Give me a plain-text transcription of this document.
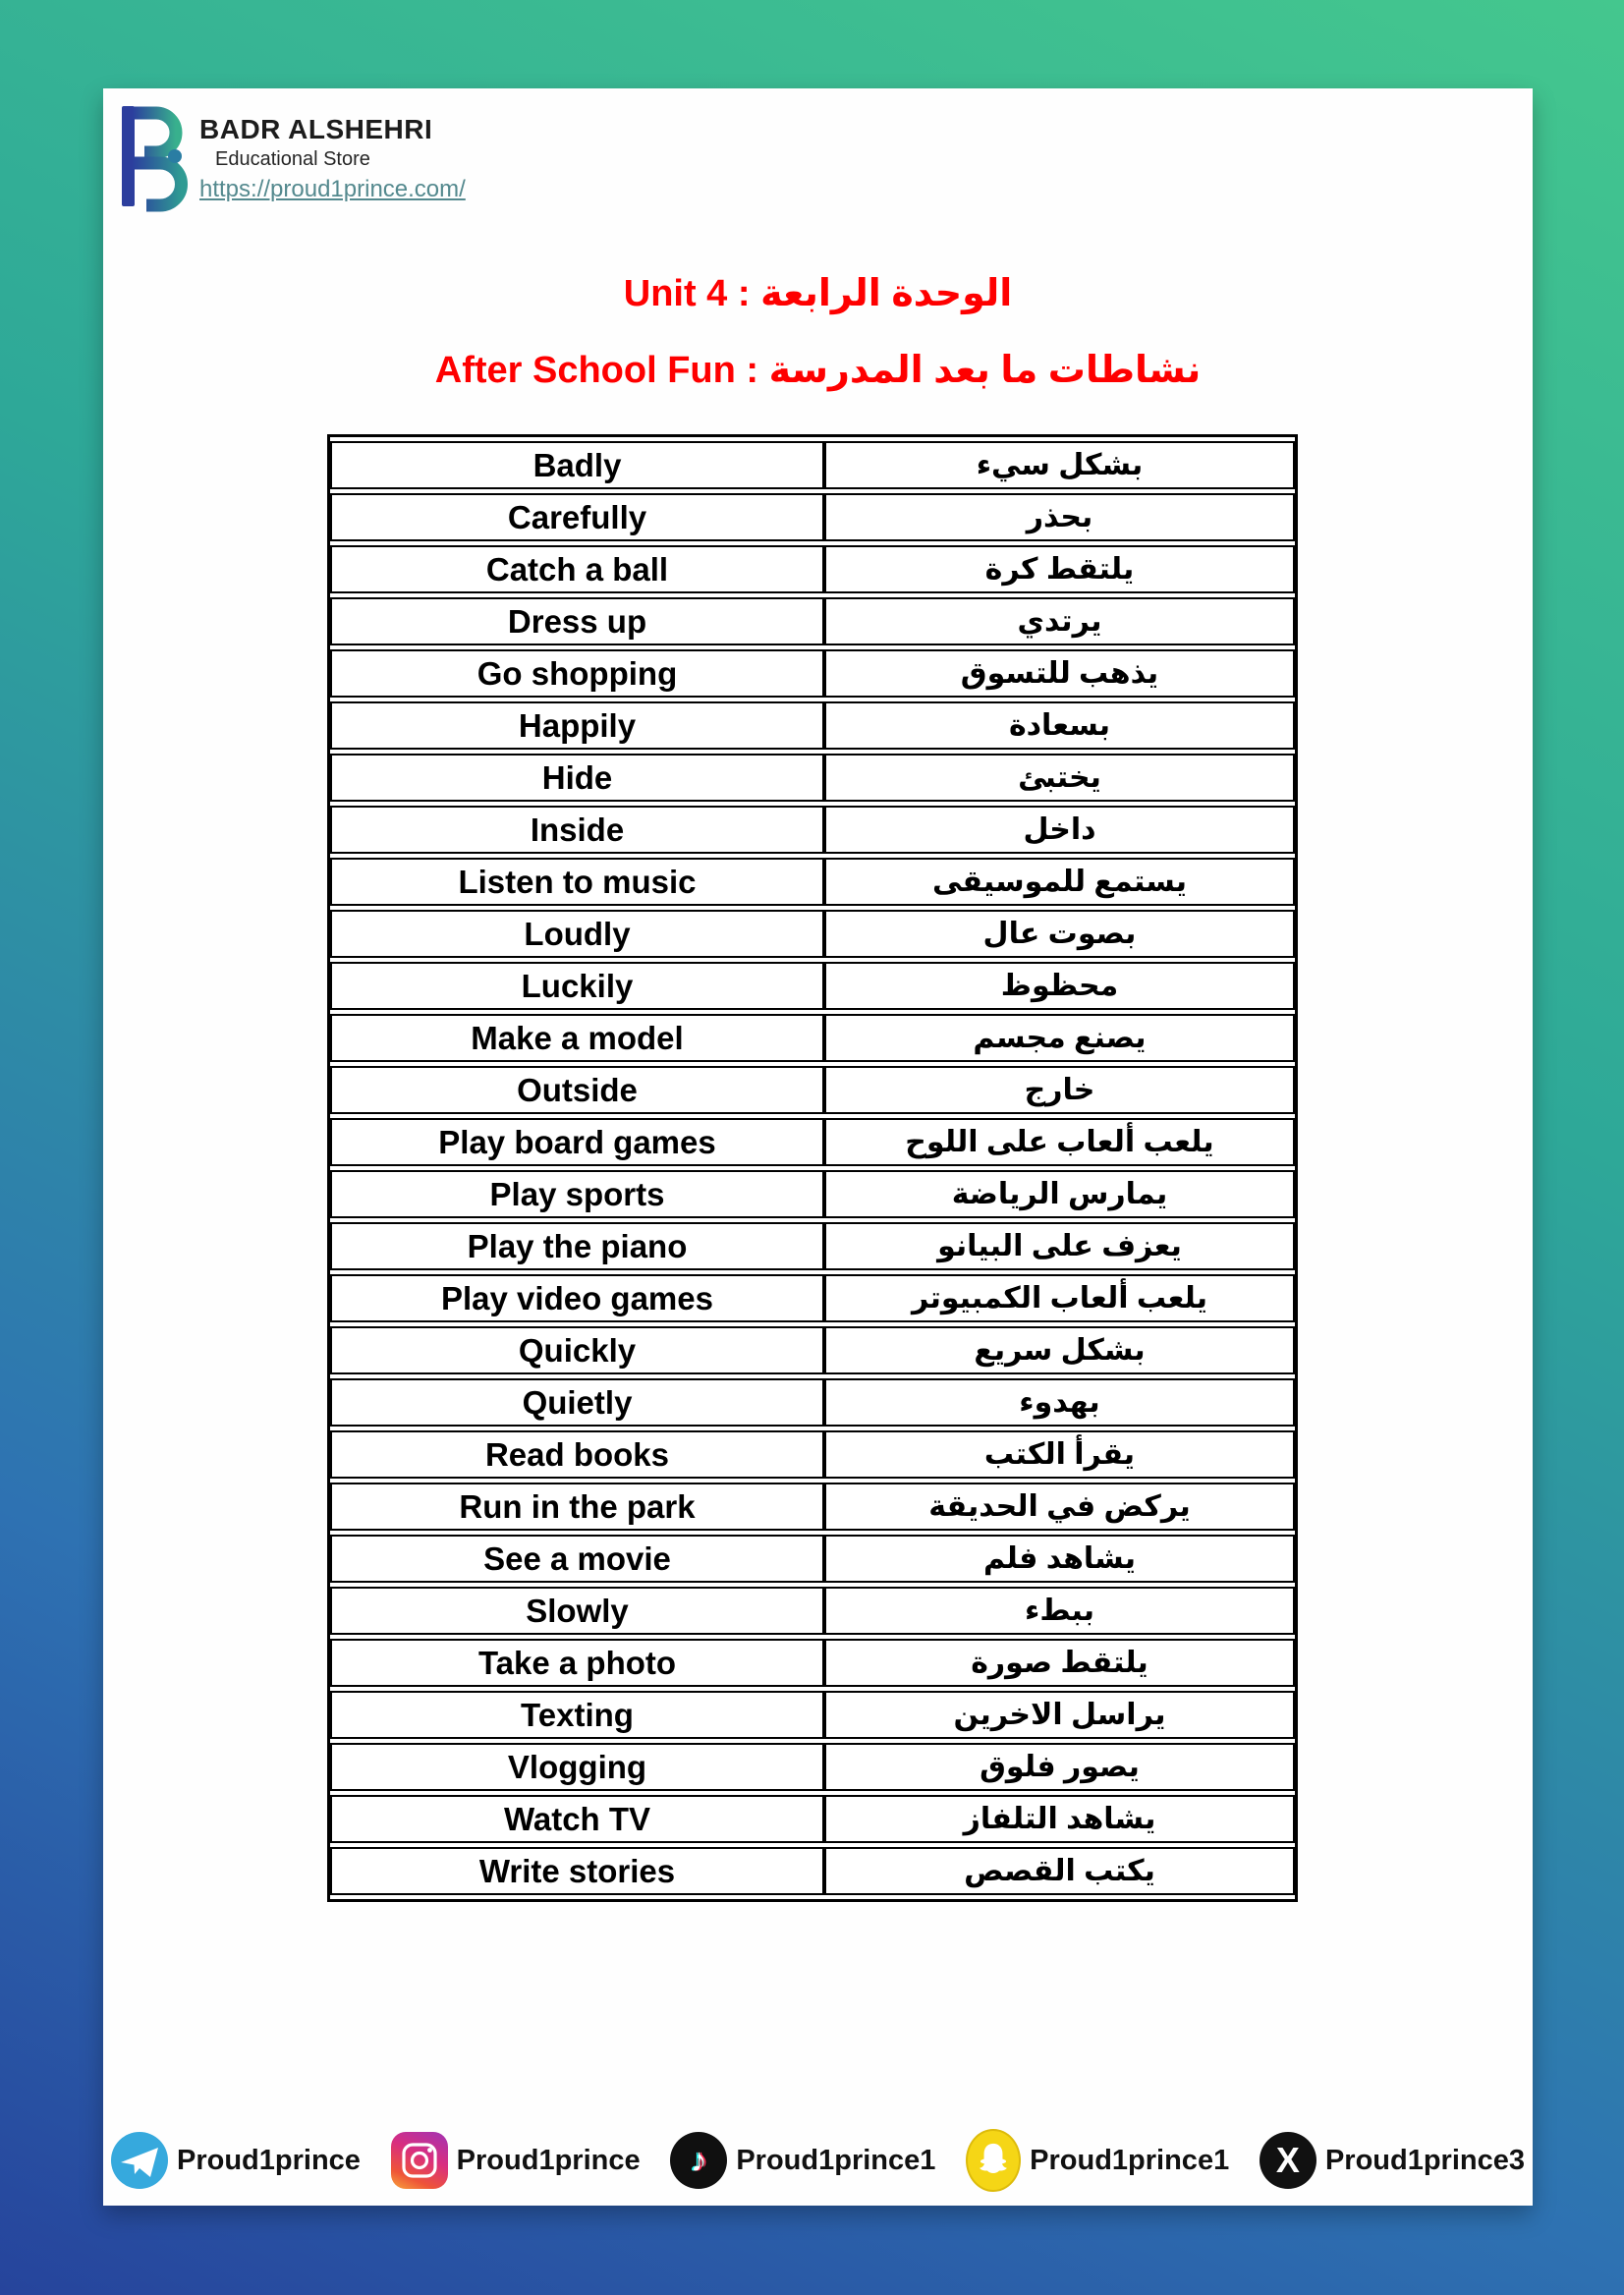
BADR ALSHEHRI
Educational Store
https://proud1prince.com/
الوحدة الرابعة : Unit 4
نشاطات ما بعد المدرسة : After School Fun
Badly	بشكل سيء
Carefully	بحذر
Catch a ball	يلتقط كرة
Dress up	يرتدي
Go shopping	يذهب للتسوق
Happily	بسعادة
Hide	يختبئ
Inside	داخل
Listen to music	يستمع للموسيقى
Loudly	بصوت عال
Luckily	محظوظ
Make a model	يصنع مجسم
Outside	خارج
Play board games	يلعب ألعاب على اللوح
Play sports	يمارس الرياضة
Play the piano	يعزف على البيانو
Play video games	يلعب ألعاب الكمبيوتر
Quickly	بشكل سريع
Quietly	بهدوء
Read books	يقرأ الكتب
Run in the park	يركض في الحديقة
See a movie	يشاهد فلم
Slowly	ببطء
Take a photo	يلتقط صورة
Texting	يراسل الاخرين
Vlogging	يصور فلوق
Watch TV	يشاهد التلفاز
Write stories	يكتب القصص
Proud1prince	Proud1prince ♪ Proud1prince1	Proud1prince1 X Proud1prince3
